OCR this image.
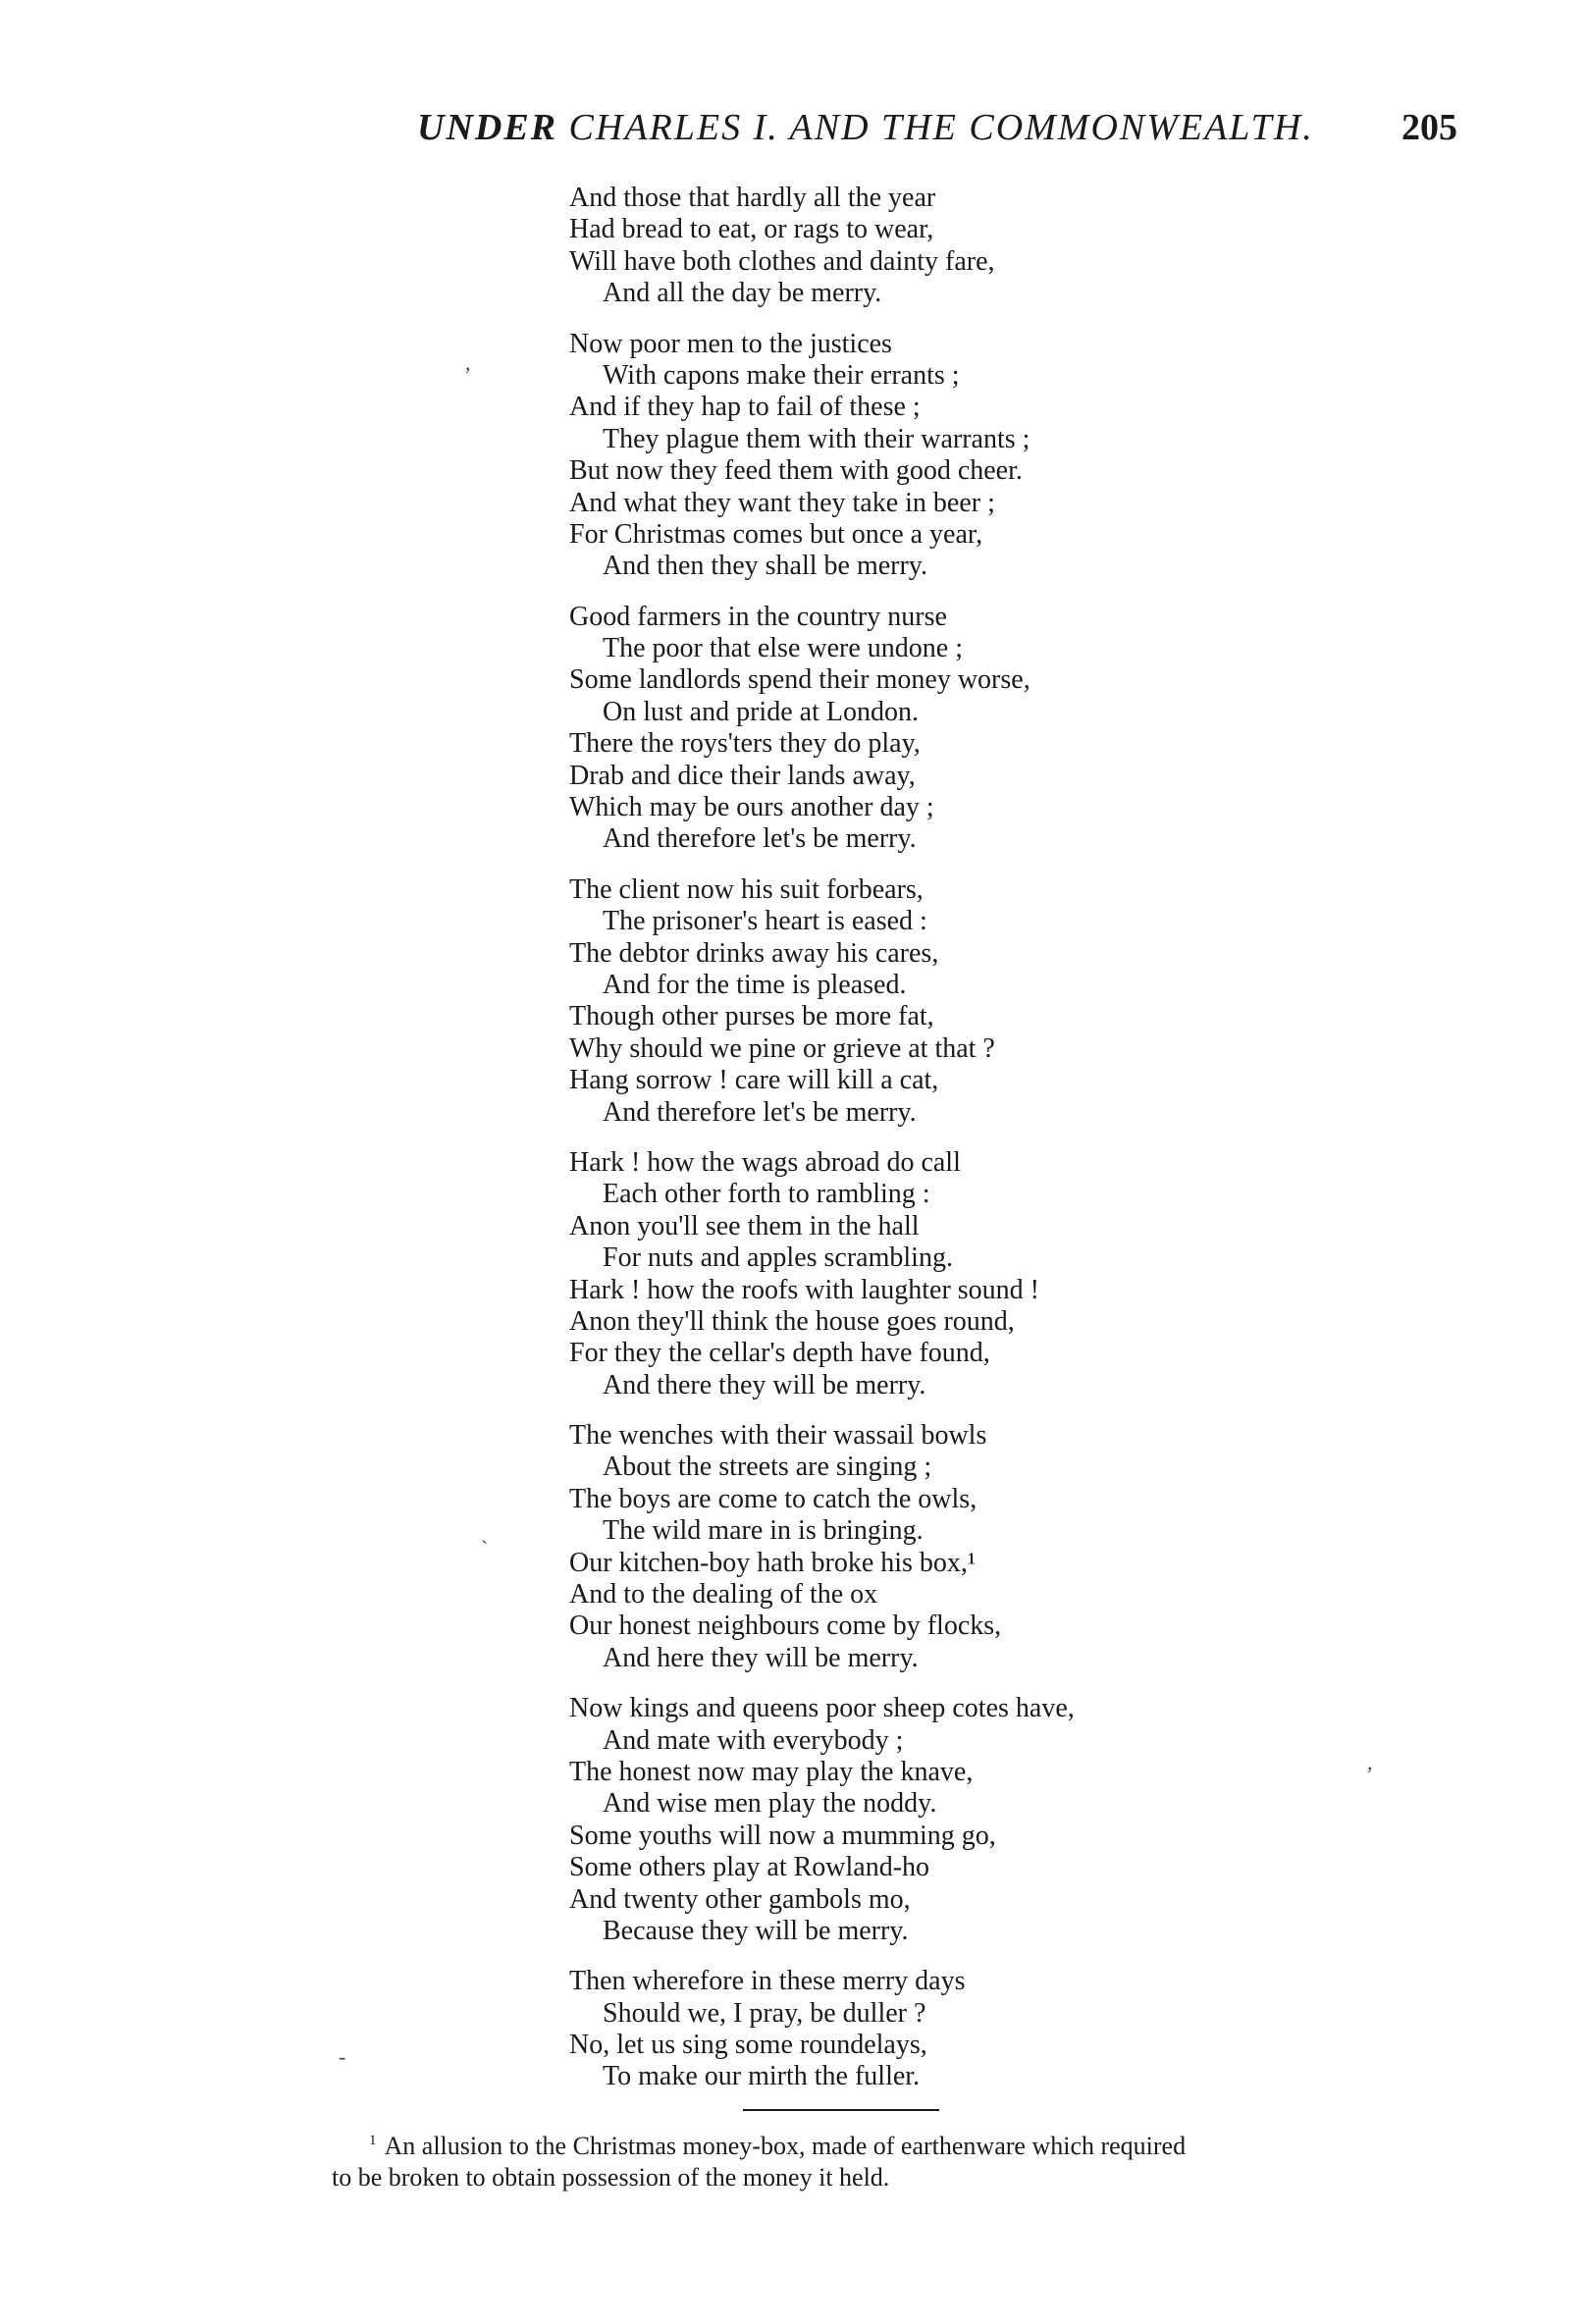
UNDER CHARLES I. AND THE COMMONWEALTH. 205
And those that hardly all the year
Had bread to eat, or rags to wear,
Will have both clothes and dainty fare,
And all the day be merry.
Now poor men to the justices
With capons make their errants ;
And if they hap to fail of these ;
They plague them with their warrants ;
But now they feed them with good cheer.
And what they want they take in beer ;
For Christmas comes but once a year,
And then they shall be merry.
Good farmers in the country nurse
The poor that else were undone ;
Some landlords spend their money worse,
On lust and pride at London.
There the roys'ters they do play,
Drab and dice their lands away,
Which may be ours another day ;
And therefore let's be merry.
The client now his suit forbears,
The prisoner's heart is eased :
The debtor drinks away his cares,
And for the time is pleased.
Though other purses be more fat,
Why should we pine or grieve at that ?
Hang sorrow ! care will kill a cat,
And therefore let's be merry.
Hark ! how the wags abroad do call
Each other forth to rambling :
Anon you'll see them in the hall
For nuts and apples scrambling.
Hark ! how the roofs with laughter sound !
Anon they'll think the house goes round,
For they the cellar's depth have found,
And there they will be merry.
The wenches with their wassail bowls
About the streets are singing ;
The boys are come to catch the owls,
The wild mare in is bringing.
Our kitchen-boy hath broke his box,¹
And to the dealing of the ox
Our honest neighbours come by flocks,
And here they will be merry.
Now kings and queens poor sheep cotes have,
And mate with everybody ;
The honest now may play the knave,
And wise men play the noddy.
Some youths will now a mumming go,
Some others play at Rowland-ho
And twenty other gambols mo,
Because they will be merry.
Then wherefore in these merry days
Should we, I pray, be duller ?
No, let us sing some roundelays,
To make our mirth the fuller.
,
ˏ
,
-
$^1$ An allusion to the Christmas money-box, made of earthenware which required
to be broken to obtain possession of the money it held.
